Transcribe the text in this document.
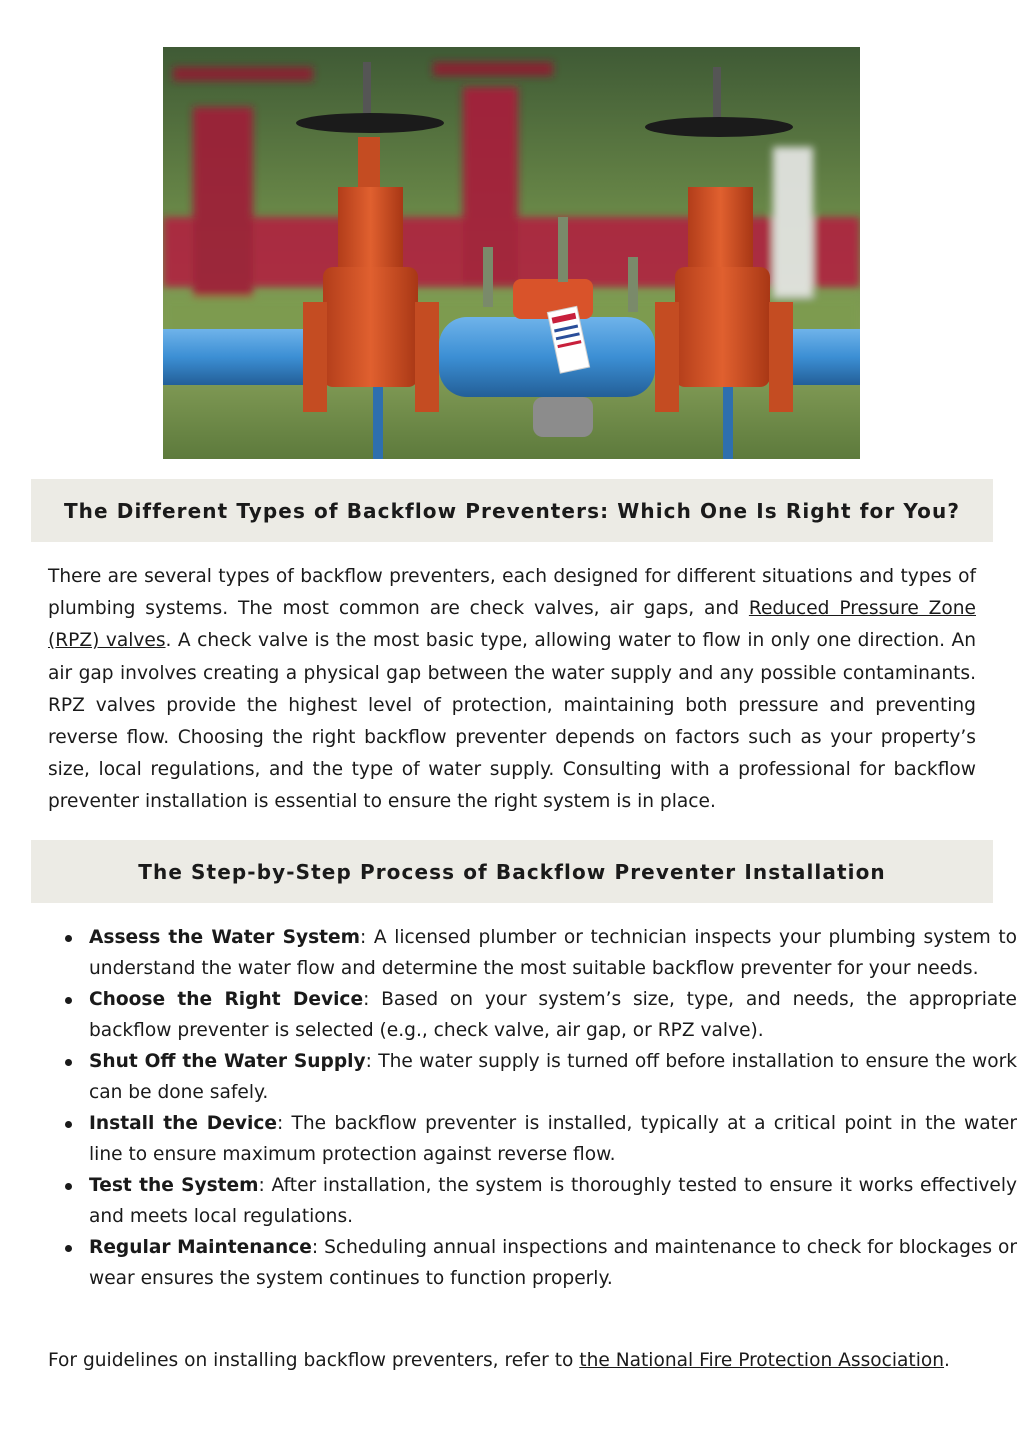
The Different Types of Backflow Preventers: Which One Is Right for You?

There are several types of backflow preventers, each designed for different situations and types of plumbing systems. The most common are check valves, air gaps, and Reduced Pressure Zone (RPZ) valves. A check valve is the most basic type, allowing water to flow in only one direction. An air gap involves creating a physical gap between the water supply and any possible contaminants. RPZ valves provide the highest level of protection, maintaining both pressure and preventing reverse flow. Choosing the right backflow preventer depends on factors such as your property’s size, local regulations, and the type of water supply. Consulting with a professional for backflow preventer installation is essential to ensure the right system is in place.

The Step-by-Step Process of Backflow Preventer Installation
Assess the Water System: A licensed plumber or technician inspects your plumbing system to understand the water flow and determine the most suitable backflow preventer for your needs.
Choose the Right Device: Based on your system’s size, type, and needs, the appropriate backflow preventer is selected (e.g., check valve, air gap, or RPZ valve).
Shut Off the Water Supply: The water supply is turned off before installation to ensure the work can be done safely.
Install the Device: The backflow preventer is installed, typically at a critical point in the water line to ensure maximum protection against reverse flow.
Test the System: After installation, the system is thoroughly tested to ensure it works effectively and meets local regulations.
Regular Maintenance: Scheduling annual inspections and maintenance to check for blockages or wear ensures the system continues to function properly.

For guidelines on installing backflow preventers, refer to the National Fire Protection Association.
